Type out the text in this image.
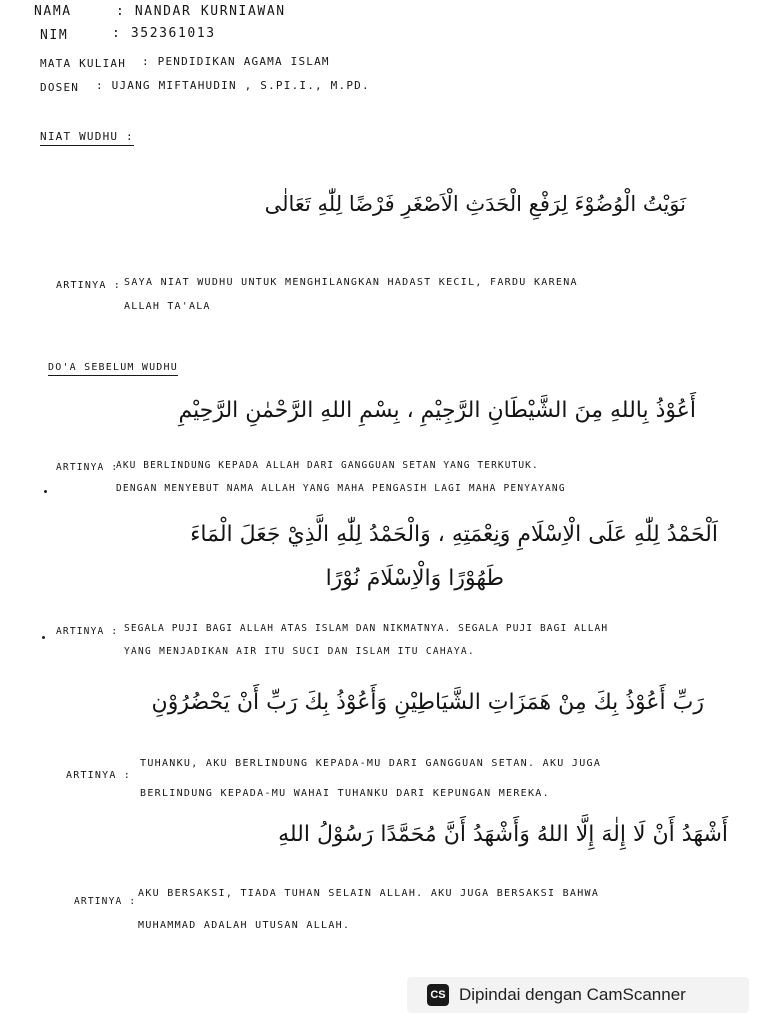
NAMA	: NANDAR KURNIAWAN
NIM	: 352361013
MATA KULIAH : PENDIDIKAN AGAMA ISLAM
DOSEN : UJANG MIFTAHUDIN , S.PI.I., M.PD.
NIAT WUDHU :
نَوَيْتُ الْوُضُوْءَ لِرَفْعِ الْحَدَثِ الْاَصْغَرِ فَرْضًا لِلّٰهِ تَعَالٰى
ARTINYA : SAYA NIAT WUDHU UNTUK MENGHILANGKAN HADAST KECIL, FARDU KARENA
ALLAH TA'ALA
DO'A SEBELUM WUDHU
أَعُوْذُ بِاللهِ مِنَ الشَّيْطَانِ الرَّجِيْمِ ، بِسْمِ اللهِ الرَّحْمٰنِ الرَّحِيْمِ
ARTINYA :
AKU BERLINDUNG KEPADA ALLAH DARI GANGGUAN SETAN YANG TERKUTUK.
DENGAN MENYEBUT NAMA ALLAH YANG MAHA PENGASIH LAGI MAHA PENYAYANG
اَلْحَمْدُ لِلّٰهِ عَلَى الْاِسْلَامِ وَنِعْمَتِهِ ، وَالْحَمْدُ لِلّٰهِ الَّذِيْ جَعَلَ الْمَاءَ
طَهُوْرًا وَالْاِسْلَامَ نُوْرًا
ARTINYA : SEGALA PUJI BAGI ALLAH ATAS ISLAM DAN NIKMATNYA. SEGALA PUJI BAGI ALLAH
YANG MENJADIKAN AIR ITU SUCI DAN ISLAM ITU CAHAYA.
رَبِّ أَعُوْذُ بِكَ مِنْ هَمَزَاتِ الشَّيَاطِيْنِ وَأَعُوْذُ بِكَ رَبِّ أَنْ يَحْضُرُوْنِ
ARTINYA :
TUHANKU, AKU BERLINDUNG KEPADA-MU DARI GANGGUAN SETAN. AKU JUGA
BERLINDUNG KEPADA-MU WAHAI TUHANKU DARI KEPUNGAN MEREKA.
أَشْهَدُ أَنْ لَا إِلٰهَ إِلَّا اللهُ وَأَشْهَدُ أَنَّ مُحَمَّدًا رَسُوْلُ اللهِ
ARTINYA :
AKU BERSAKSI, TIADA TUHAN SELAIN ALLAH. AKU JUGA BERSAKSI BAHWA
MUHAMMAD ADALAH UTUSAN ALLAH.
CS Dipindai dengan CamScanner
